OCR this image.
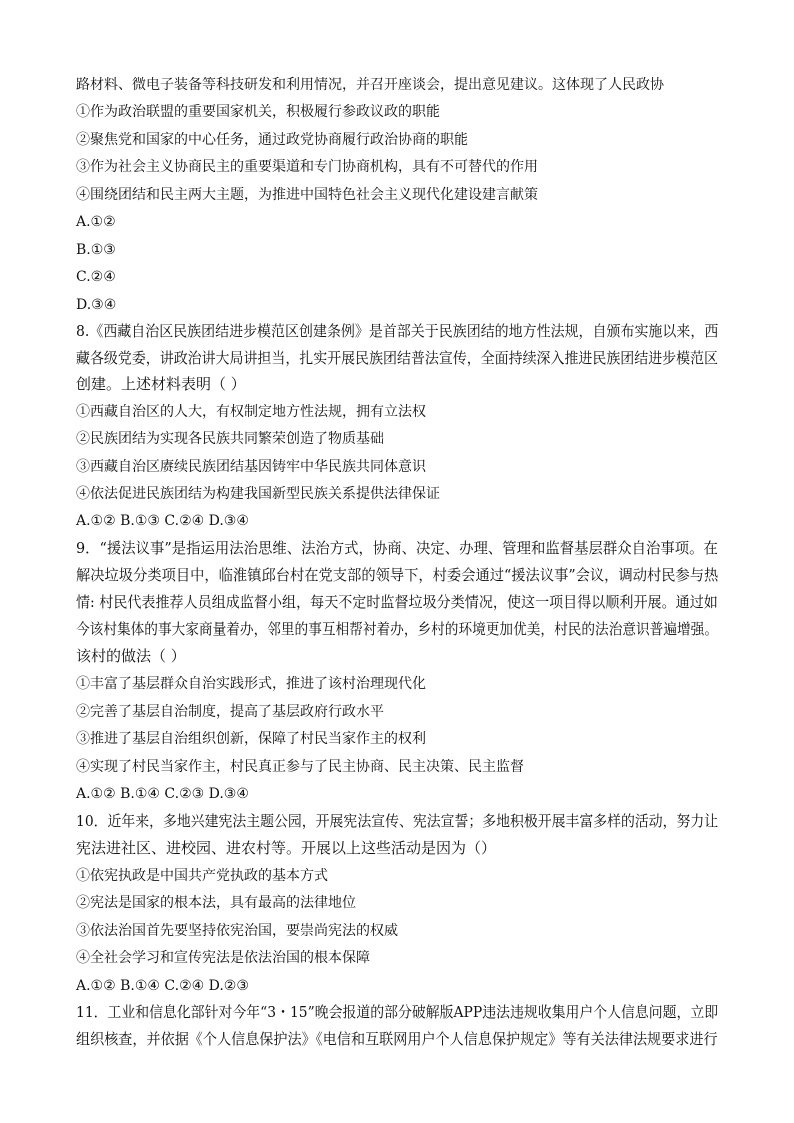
路材料、微电子装备等科技研发和利用情况，并召开座谈会，提出意见建议。这体现了人民政协
①作为政治联盟的重要国家机关，积极履行参政议政的职能
②聚焦党和国家的中心任务，通过政党协商履行政治协商的职能
③作为社会主义协商民主的重要渠道和专门协商机构，具有不可替代的作用
④围绕团结和民主两大主题，为推进中国特色社会主义现代化建设建言献策
A.①②
B.①③
C.②④
D.③④
8.《西藏自治区民族团结进步模范区创建条例》是首部关于民族团结的地方性法规，自颁布实施以来，西
藏各级党委，讲政治讲大局讲担当，扎实开展民族团结普法宣传，全面持续深入推进民族团结进步模范区
创建。上述材料表明（ ）
①西藏自治区的人大，有权制定地方性法规，拥有立法权
②民族团结为实现各民族共同繁荣创造了物质基础
③西藏自治区赓续民族团结基因铸牢中华民族共同体意识
④依法促进民族团结为构建我国新型民族关系提供法律保证
A.①② B.①③ C.②④ D.③④
9．“援法议事”是指运用法治思维、法治方式，协商、决定、办理、管理和监督基层群众自治事项。在
解决垃圾分类项目中，临淮镇邱台村在党支部的领导下，村委会通过“援法议事”会议，调动村民参与热
情: 村民代表推荐人员组成监督小组，每天不定时监督垃圾分类情况，使这一项目得以顺利开展。通过如
今该村集体的事大家商量着办，邻里的事互相帮衬着办，乡村的环境更加优美，村民的法治意识普遍增强。
该村的做法（ ）
①丰富了基层群众自治实践形式，推进了该村治理现代化
②完善了基层自治制度，提高了基层政府行政水平
③推进了基层自治组织创新，保障了村民当家作主的权利
④实现了村民当家作主，村民真正参与了民主协商、民主决策、民主监督
A.①② B.①④ C.②③ D.③④
10．近年来，多地兴建宪法主题公园，开展宪法宣传、宪法宣誓；多地积极开展丰富多样的活动，努力让
宪法进社区、进校园、进农村等。开展以上这些活动是因为（）
①依宪执政是中国共产党执政的基本方式
②宪法是国家的根本法，具有最高的法律地位
③依法治国首先要坚持依宪治国，要崇尚宪法的权威
④全社会学习和宣传宪法是依法治国的根本保障
A.①② B.①④ C.②④ D.②③
11．工业和信息化部针对今年“3・15”晚会报道的部分破解版APP违法违规收集用户个人信息问题，立即
组织核查，并依据《个人信息保护法》《电信和互联网用户个人信息保护规定》等有关法律法规要求进行
